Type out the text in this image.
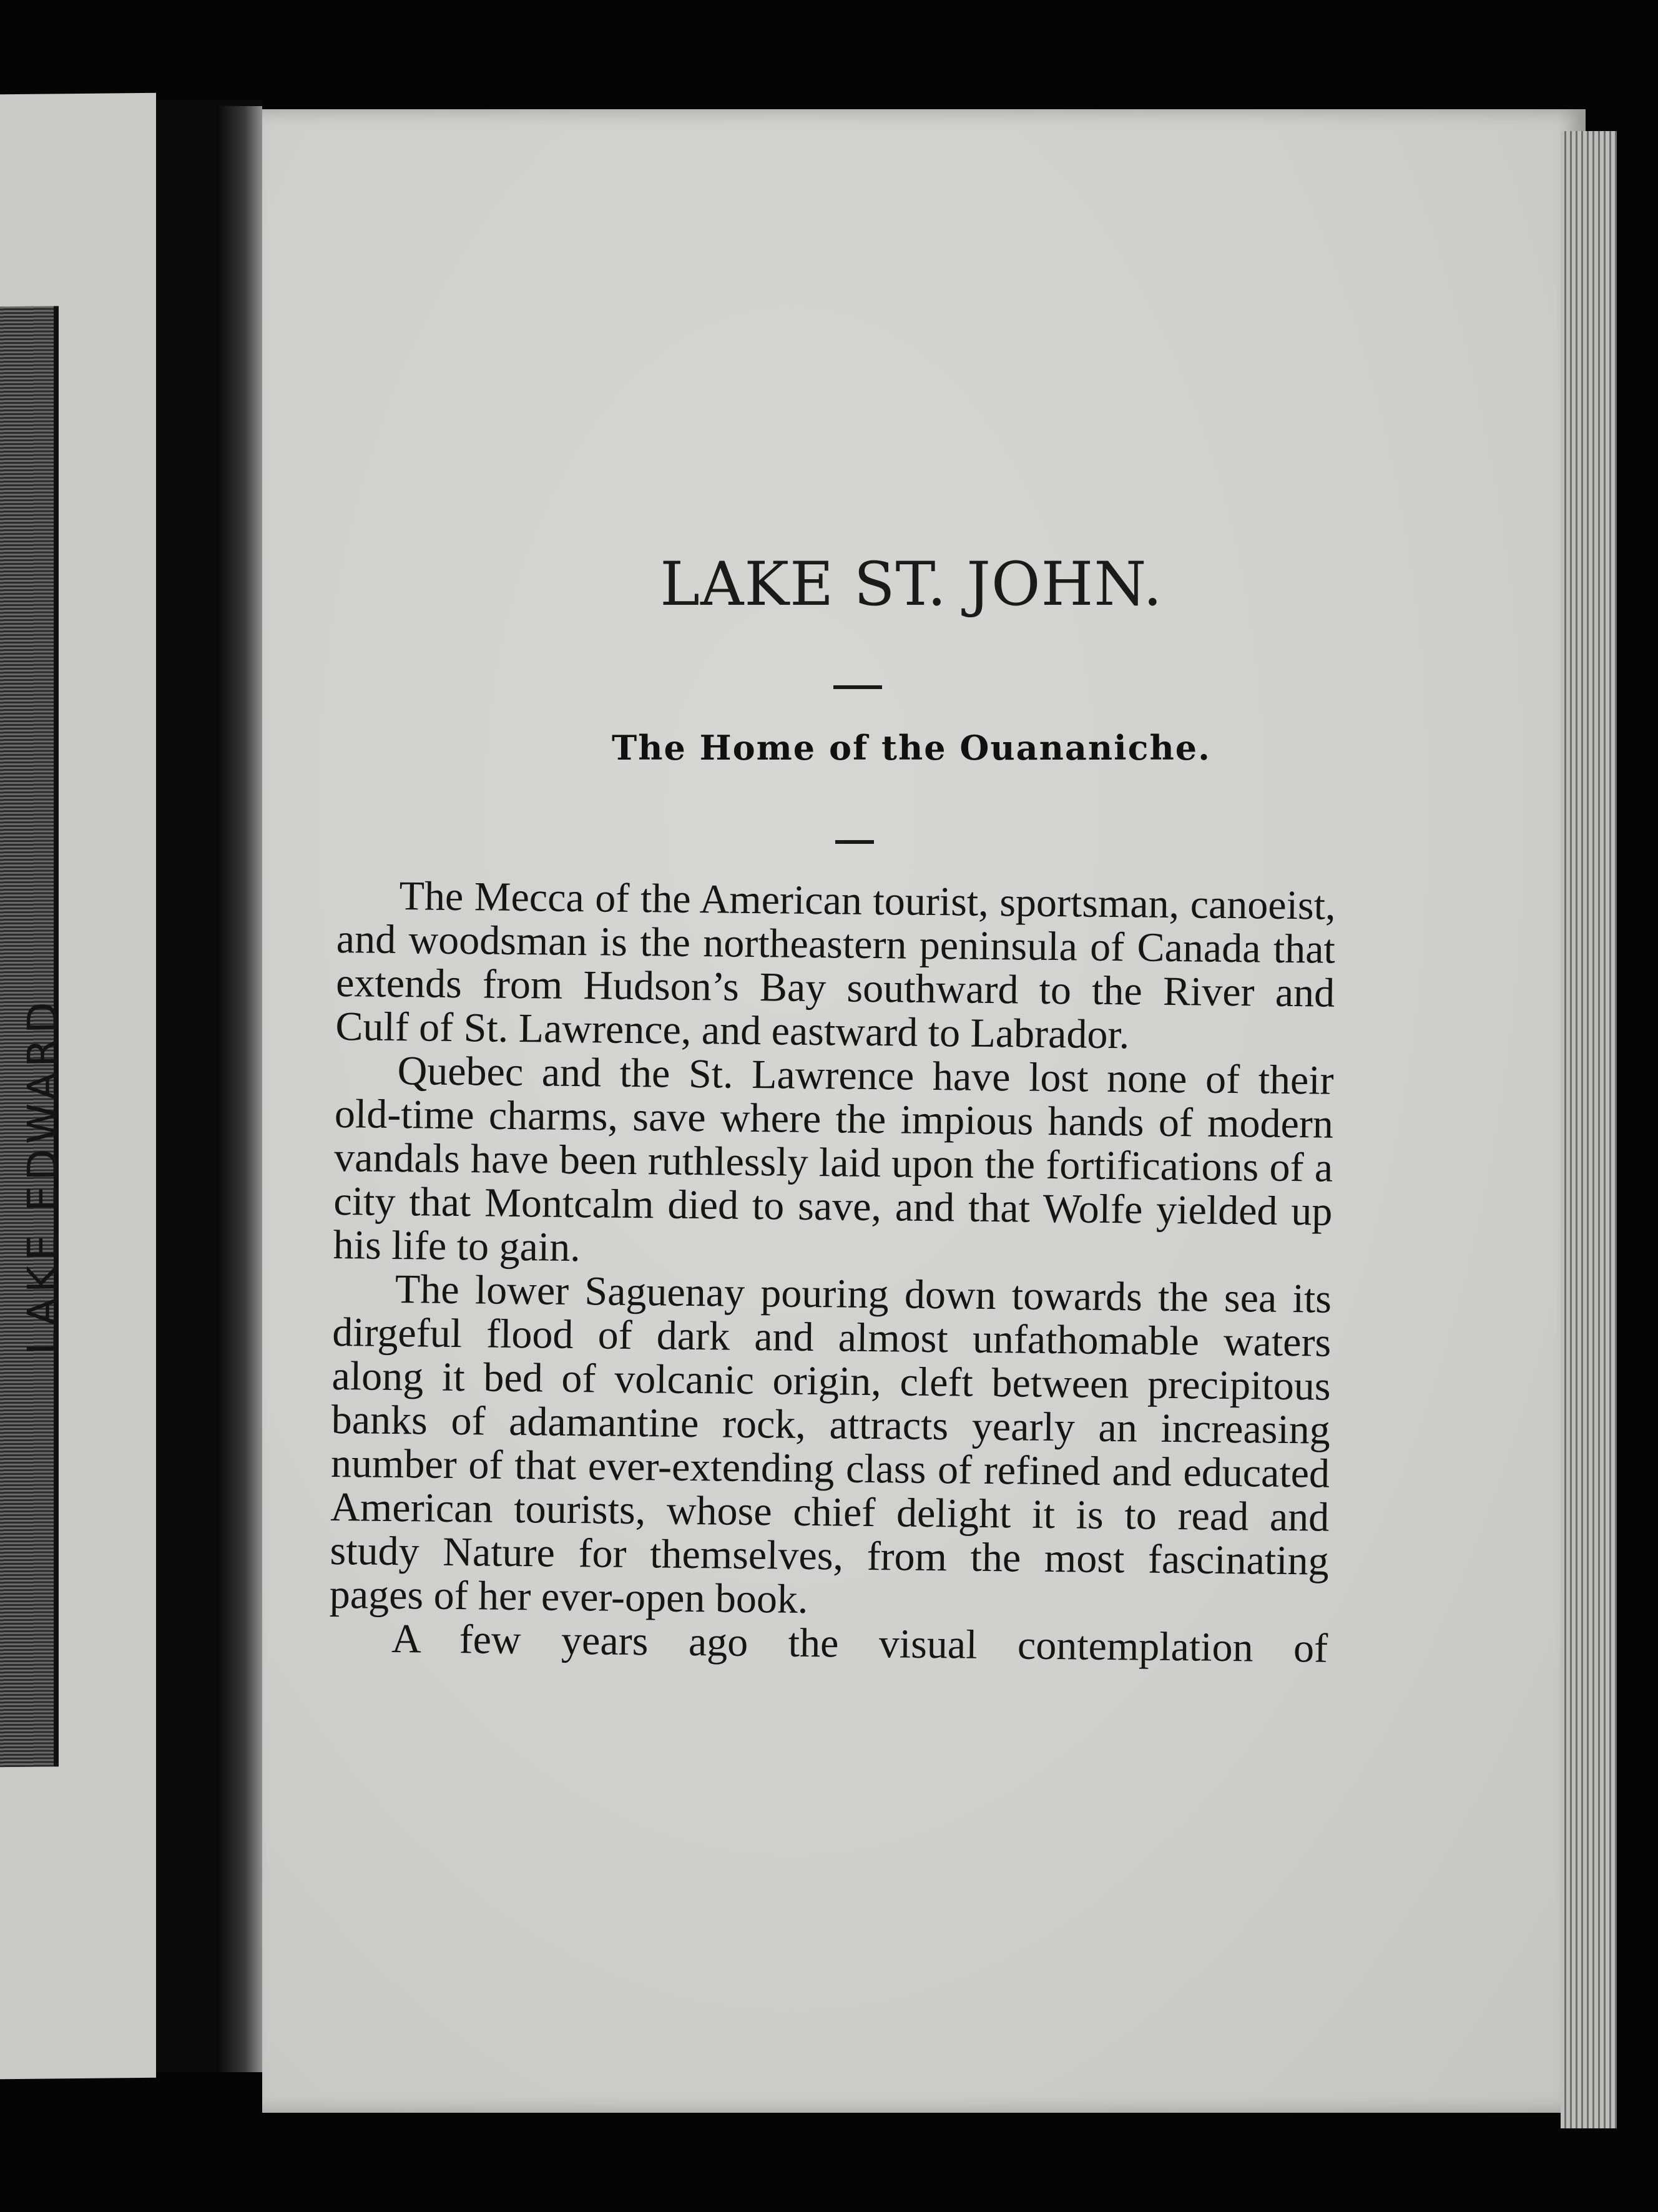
LAKE EDWARD
LAKE ST. JOHN.
The Home of the Ouananiche.

The Mecca of the American tourist, sportsman, canoeist, and woodsman is the northeastern peninsula of Canada that extends from Hudson’s Bay southward to the River and Culf of St. Lawrence, and eastward to Labrador.

Quebec and the St. Lawrence have lost none of their old-time charms, save where the impious hands of modern vandals have been ruthlessly laid upon the fortifications of a city that Montcalm died to save, and that Wolfe yielded up his life to gain.

The lower Saguenay pouring down towards the sea its dirgeful flood of dark and almost unfathomable waters along it bed of volcanic origin, cleft between precipitous banks of adamantine rock, attracts yearly an increasing number of that ever-extending class of refined and educated American tourists, whose chief delight it is to read and study Nature for themselves, from the most fascinating pages of her ever-open book.

A few years ago the visual contemplation of
